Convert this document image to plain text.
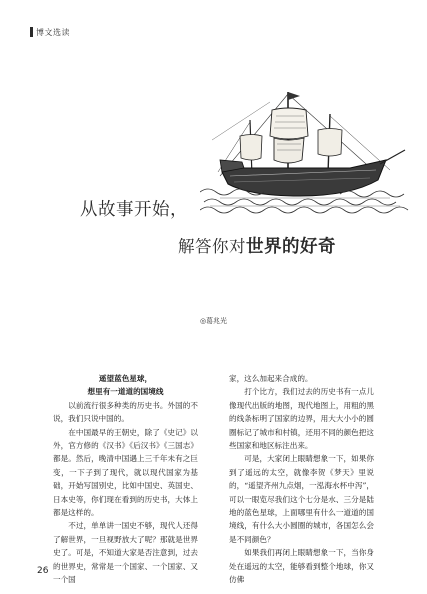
博文选读
从故事开始，
解答你对世界的好奇
◎葛兆光
遥望蓝色星球，
想里有一道道的国境线

以前流行很多种类的历史书。外国的不说，我们只说中国的。

在中国最早的王朝史，除了《史记》以外，官方修的《汉书》《后汉书》《三国志》都是。然后，晚清中国遇上三千年未有之巨变，一下子到了现代，就以现代国家为基础，开始写国别史，比如中国史、英国史、日本史等，你们现在看到的历史书，大体上都是这样的。

不过，单单讲一国史不够，现代人还得了解世界，一旦视野放大了呢？那就是世界史了。可是，不知道大家是否注意到，过去的世界史，常常是一个国家、一个国家、又一个国

家，这么加起来合成的。

打个比方，我们过去的历史书有一点儿像现代出版的地图，现代地图上，用粗的黑的线条标明了国家的边界，用大大小小的圆圈标记了城市和村镇，还用不同的颜色把这些国家和地区标注出来。

可是，大家闭上眼睛想象一下，如果你到了遥远的太空，就像李贺《梦天》里说的，“遥望齐州九点烟，一泓海水杯中泻”，可以一眼览尽我们这个七分是水、三分是陆地的蓝色星球，上面哪里有什么一道道的国境线，有什么大小圆圈的城市，各国怎么会是不同颜色？

如果我们再闭上眼睛想象一下，当你身处在遥远的太空，能够看到整个地球，你又仿佛

26
